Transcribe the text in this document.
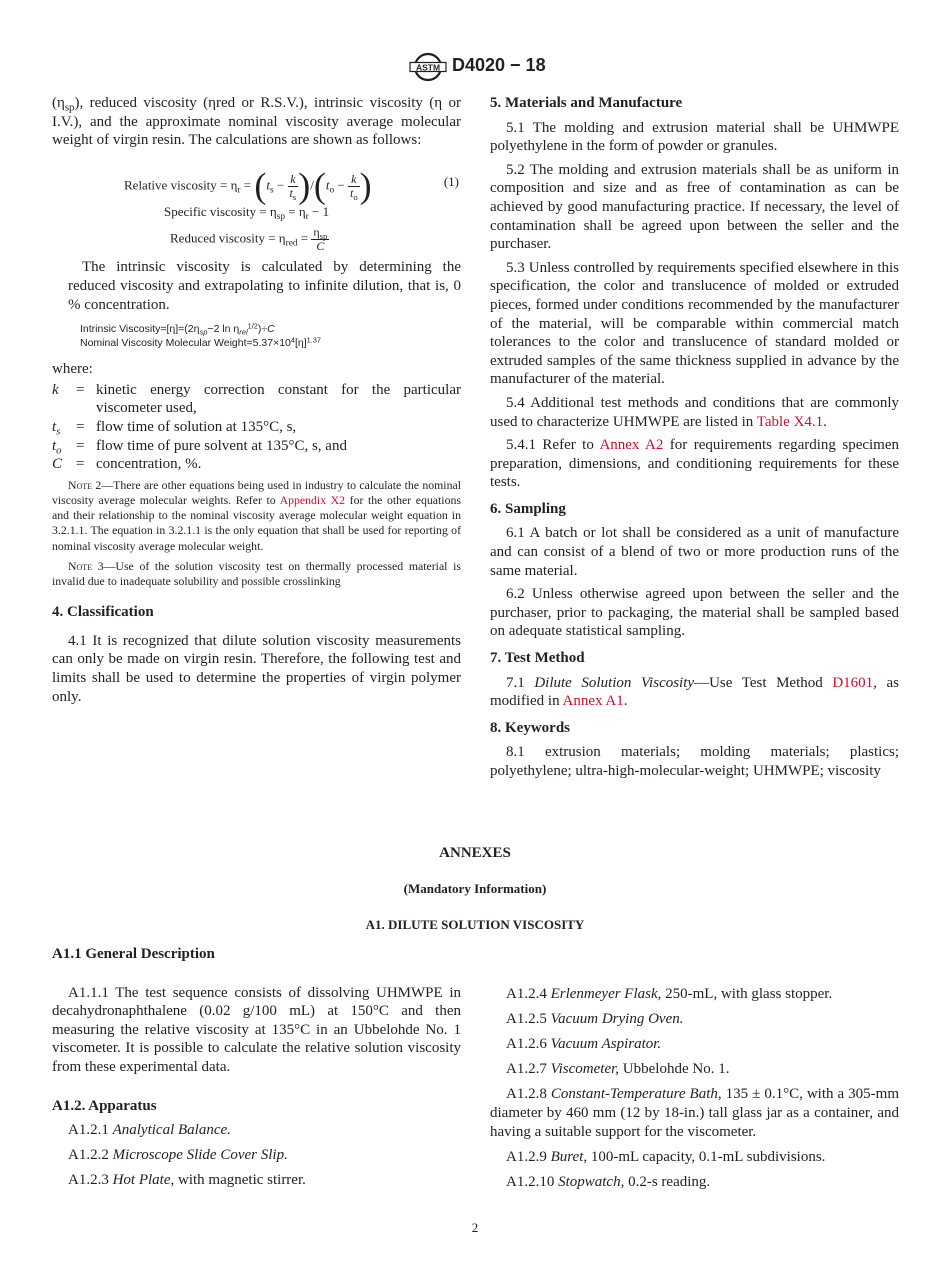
ASTM D4020 − 18

$(\eta_{sp})$, reduced viscosity (ηred or R.S.V.), intrinsic viscosity (η or I.V.), and the approximate nominal viscosity average molecular weight of virgin resin. The calculations are shown as follows:

Relative viscosity = $\eta_r = (t_s - \frac{k}{t_s} )/(t_o - \frac{k}{t_o}$ )	(1)

Specific viscosity = $\eta_{sp} = \eta_r - 1$

Reduced viscosity = $\eta_{red} = \frac{\eta_{sp}}{C}$

The intrinsic viscosity is calculated by determining the reduced viscosity and extrapolating to infinite dilution, that is, 0 % concentration.

Intrinsic $Viscosity=[\eta]=(2\eta_{sp}-2$ $\ln \eta_{rel}^{1/2})\div C$
Nominal Viscosity Molecular $Weight=5.37\times 10^4[\eta]^{1.37}$

where:

k	= kinetic energy correction constant for the particular viscometer used,
$t_s$	= flow time of solution at 135°C, s,
$t_o$ = flow time of pure solvent at 135°C, s, and
C = concentration, %.

Note 2—There are other equations being used in industry to calculate the nominal viscosity average molecular weights. Refer to Appendix X2 for the other equations and their relationship to the nominal viscosity average molecular weight equation in 3.2.1.1. The equation in 3.2.1.1 is the only equation that shall be used for reporting of nominal viscosity average molecular weight.

Note 3—Use of the solution viscosity test on thermally processed material is invalid due to inadequate solubility and possible crosslinking

4. Classification

4.1 It is recognized that dilute solution viscosity measurements can only be made on virgin resin. Therefore, the following test and limits shall be used to determine the properties of virgin polymer only.

5. Materials and Manufacture

5.1 The molding and extrusion material shall be UHMWPE polyethylene in the form of powder or granules.

5.2 The molding and extrusion materials shall be as uniform in composition and size and as free of contamination as can be achieved by good manufacturing practice. If necessary, the level of contamination shall be agreed upon between the seller and the purchaser.

5.3 Unless controlled by requirements specified elsewhere in this specification, the color and translucence of molded or extruded pieces, formed under conditions recommended by the manufacturer of the material, will be comparable within commercial match tolerances to the color and translucence of standard molded or extruded samples of the same thickness supplied in advance by the manufacturer of the material.

5.4 Additional test methods and conditions that are commonly used to characterize UHMWPE are listed in Table X4.1.

5.4.1 Refer to Annex A2 for requirements regarding specimen preparation, dimensions, and conditioning requirements for these tests.

6. Sampling

6.1 A batch or lot shall be considered as a unit of manufacture and can consist of a blend of two or more production runs of the same material.

6.2 Unless otherwise agreed upon between the seller and the purchaser, prior to packaging, the material shall be sampled based on adequate statistical sampling.

7. Test Method

7.1 Dilute Solution Viscosity—Use Test Method D1601, as modified in Annex A1.

8. Keywords

8.1 extrusion materials; molding materials; plastics; polyethylene; ultra-high-molecular-weight; UHMWPE; viscosity

ANNEXES
(Mandatory Information)
A1. DILUTE SOLUTION VISCOSITY
A1.1 General Description

A1.1.1 The test sequence consists of dissolving UHMWPE in decahydronaphthalene (0.02 g/100 mL) at 150°C and then measuring the relative viscosity at 135°C in an Ubbelohde No. 1 viscometer. It is possible to calculate the relative solution viscosity from these experimental data.

A1.2. Apparatus

A1.2.1 Analytical Balance.

A1.2.2 Microscope Slide Cover Slip.

A1.2.3 Hot Plate, with magnetic stirrer.

A1.2.4 Erlenmeyer Flask, 250-mL, with glass stopper.

A1.2.5 Vacuum Drying Oven.

A1.2.6 Vacuum Aspirator.

A1.2.7 Viscometer, Ubbelohde No. 1.

A1.2.8 Constant-Temperature Bath, 135 ± 0.1°C, with a 305-mm diameter by 460 mm (12 by 18-in.) tall glass jar as a container, and having a suitable support for the viscometer.

A1.2.9 Buret, 100-mL capacity, 0.1-mL subdivisions.

A1.2.10 Stopwatch, 0.2-s reading.

2
